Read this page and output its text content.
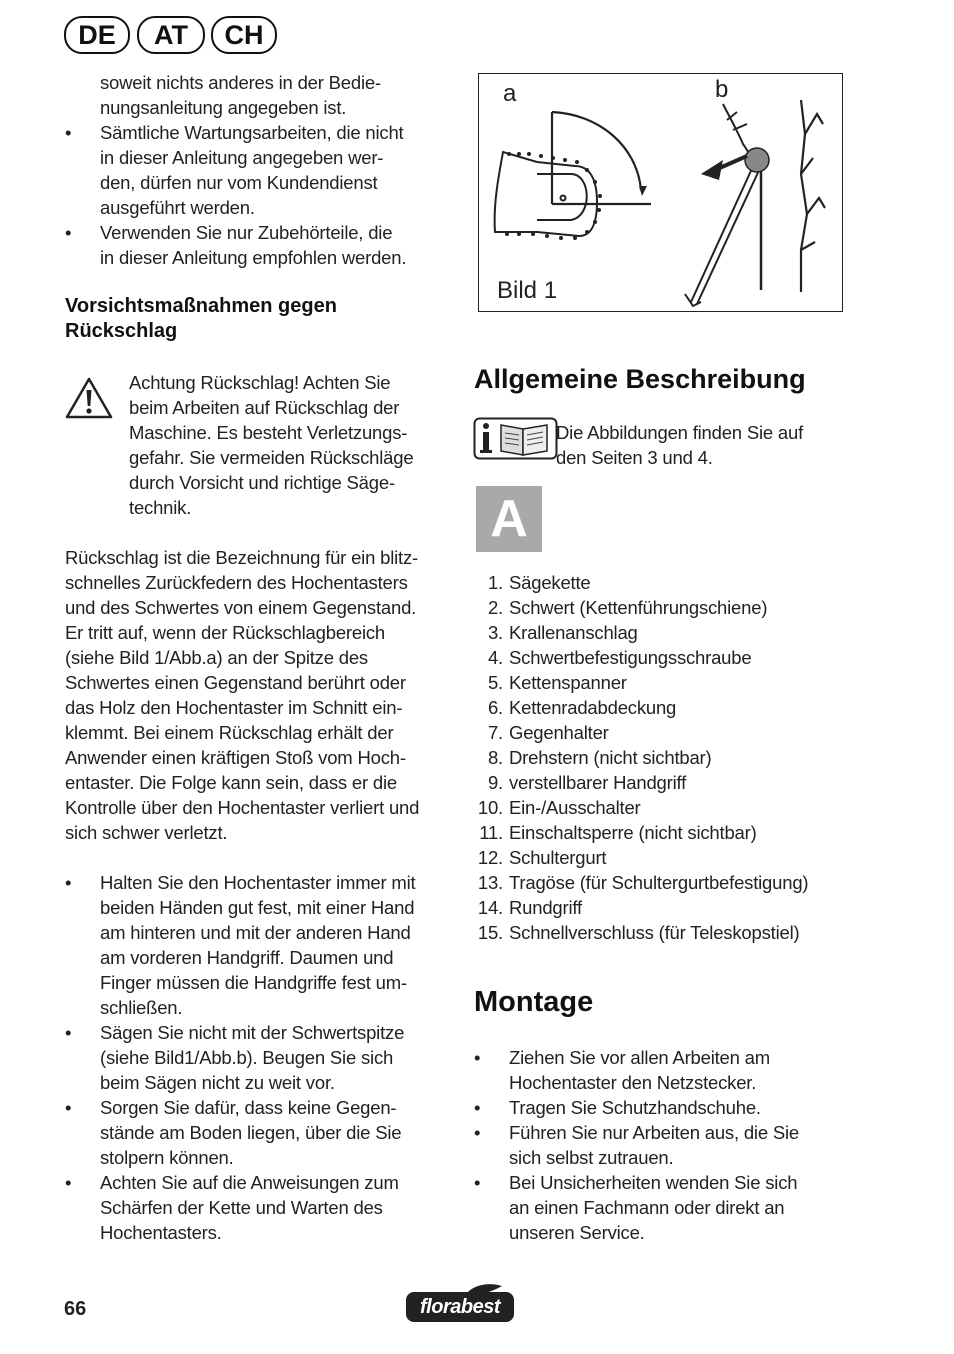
DE	AT	CH
soweit nichts anderes in der Bedie-
nungsanleitung angegeben ist.
• Sämtliche Wartungsarbeiten, die nicht
in dieser Anleitung angegeben wer-
den, dürfen nur vom Kundendienst
ausgeführt werden.
• Verwenden Sie nur Zubehörteile, die
in dieser Anleitung empfohlen werden.
Vorsichtsmaßnahmen gegen
Rückschlag
Achtung Rückschlag! Achten Sie
beim Arbeiten auf Rückschlag der
Maschine. Es besteht Verletzungs-
gefahr. Sie vermeiden Rückschläge
durch Vorsicht und richtige Säge-
technik.
Rückschlag ist die Bezeichnung für ein blitz-
schnelles Zurückfedern des Hochentasters
und des Schwertes von einem Gegenstand.
Er tritt auf, wenn der Rückschlagbereich
(siehe Bild 1/Abb.a) an der Spitze des
Schwertes einen Gegenstand berührt oder
das Holz den Hochentaster im Schnitt ein-
klemmt. Bei einem Rückschlag erhält der
Anwender einen kräftigen Stoß vom Hoch-
entaster. Die Folge kann sein, dass er die
Kontrolle über den Hochentaster verliert und
sich schwer verletzt.
• Halten Sie den Hochentaster immer mit
beiden Händen gut fest, mit einer Hand
am hinteren und mit der anderen Hand
am vorderen Handgriff. Daumen und
Finger müssen die Handgriffe fest um-
schließen.
• Sägen Sie nicht mit der Schwertspitze
(siehe Bild1/Abb.b). Beugen Sie sich
beim Sägen nicht zu weit vor.
• Sorgen Sie dafür, dass keine Gegen-
stände am Boden liegen, über die Sie
stolpern können.
• Achten Sie auf die Anweisungen zum
Schärfen der Kette und Warten des
Hochentasters.
a	b
Bild 1
Allgemeine Beschreibung
Die Abbildungen finden Sie auf
den Seiten 3 und 4.
A
1. Sägekette
2. Schwert (Kettenführungschiene)
3. Krallenanschlag
4. Schwertbefestigungsschraube
5. Kettenspanner
6. Kettenradabdeckung
7. Gegenhalter
8. Drehstern (nicht sichtbar)
9. verstellbarer Handgriff
10. Ein-/Ausschalter
11. Einschaltsperre (nicht sichtbar)
12. Schultergurt
13. Tragöse (für Schultergurtbefestigung)
14. Rundgriff
15. Schnellverschluss (für Teleskopstiel)
Montage
• Ziehen Sie vor allen Arbeiten am
Hochentaster den Netzstecker.
• Tragen Sie Schutzhandschuhe.
• Führen Sie nur Arbeiten aus, die Sie
sich selbst zutrauen.
• Bei Unsicherheiten wenden Sie sich
an einen Fachmann oder direkt an
unseren Service.
66	florabest
